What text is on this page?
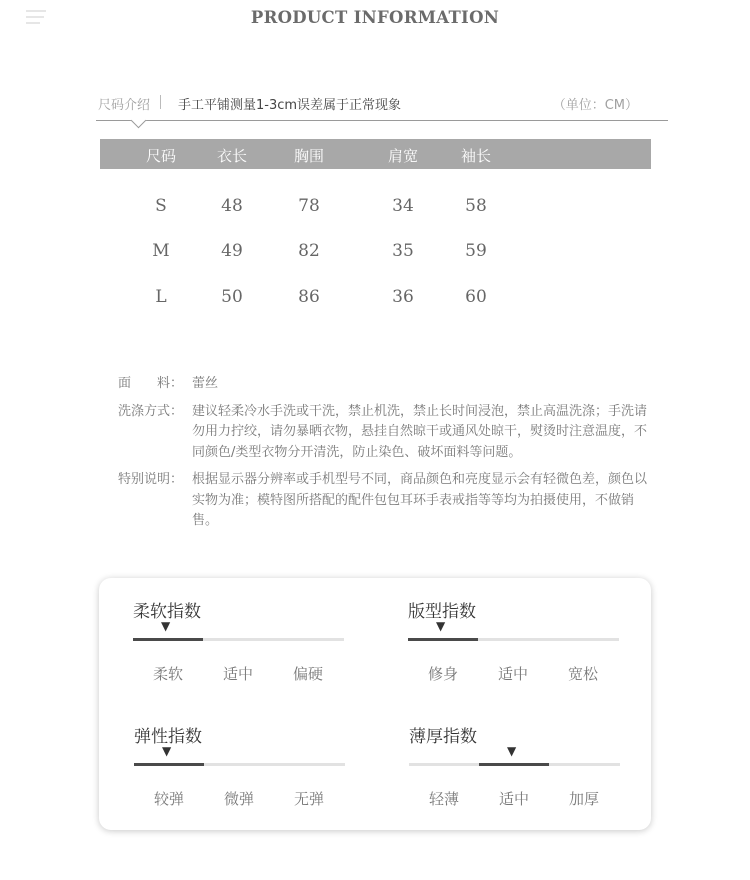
PRODUCT INFORMATION
尺码介绍 手工平铺测量1-3cm误差属于正常现象	（单位：CM）
尺码	衣长	胸围	肩宽	袖长
S	48	78	34	58
M	49	82	35	59
L	50	86	36	60
面　　料： 蕾丝
洗涤方式： 建议轻柔冷水手洗或干洗，禁止机洗，禁止长时间浸泡，禁止高温洗涤；手洗请勿用力拧绞，请勿暴晒衣物，悬挂自然晾干或通风处晾干，熨烫时注意温度，不同颜色/类型衣物分开清洗，防止染色、破坏面料等问题。
特别说明： 根据显示器分辨率或手机型号不同，商品颜色和亮度显示会有轻微色差，颜色以实物为准；模特图所搭配的配件包包耳环手表戒指等等均为拍摄使用，不做销售。
柔软指数
▼
柔软	适中	偏硬
版型指数
▼
修身	适中	宽松
弹性指数
▼
较弹	微弹	无弹
薄厚指数
▼
轻薄	适中	加厚
